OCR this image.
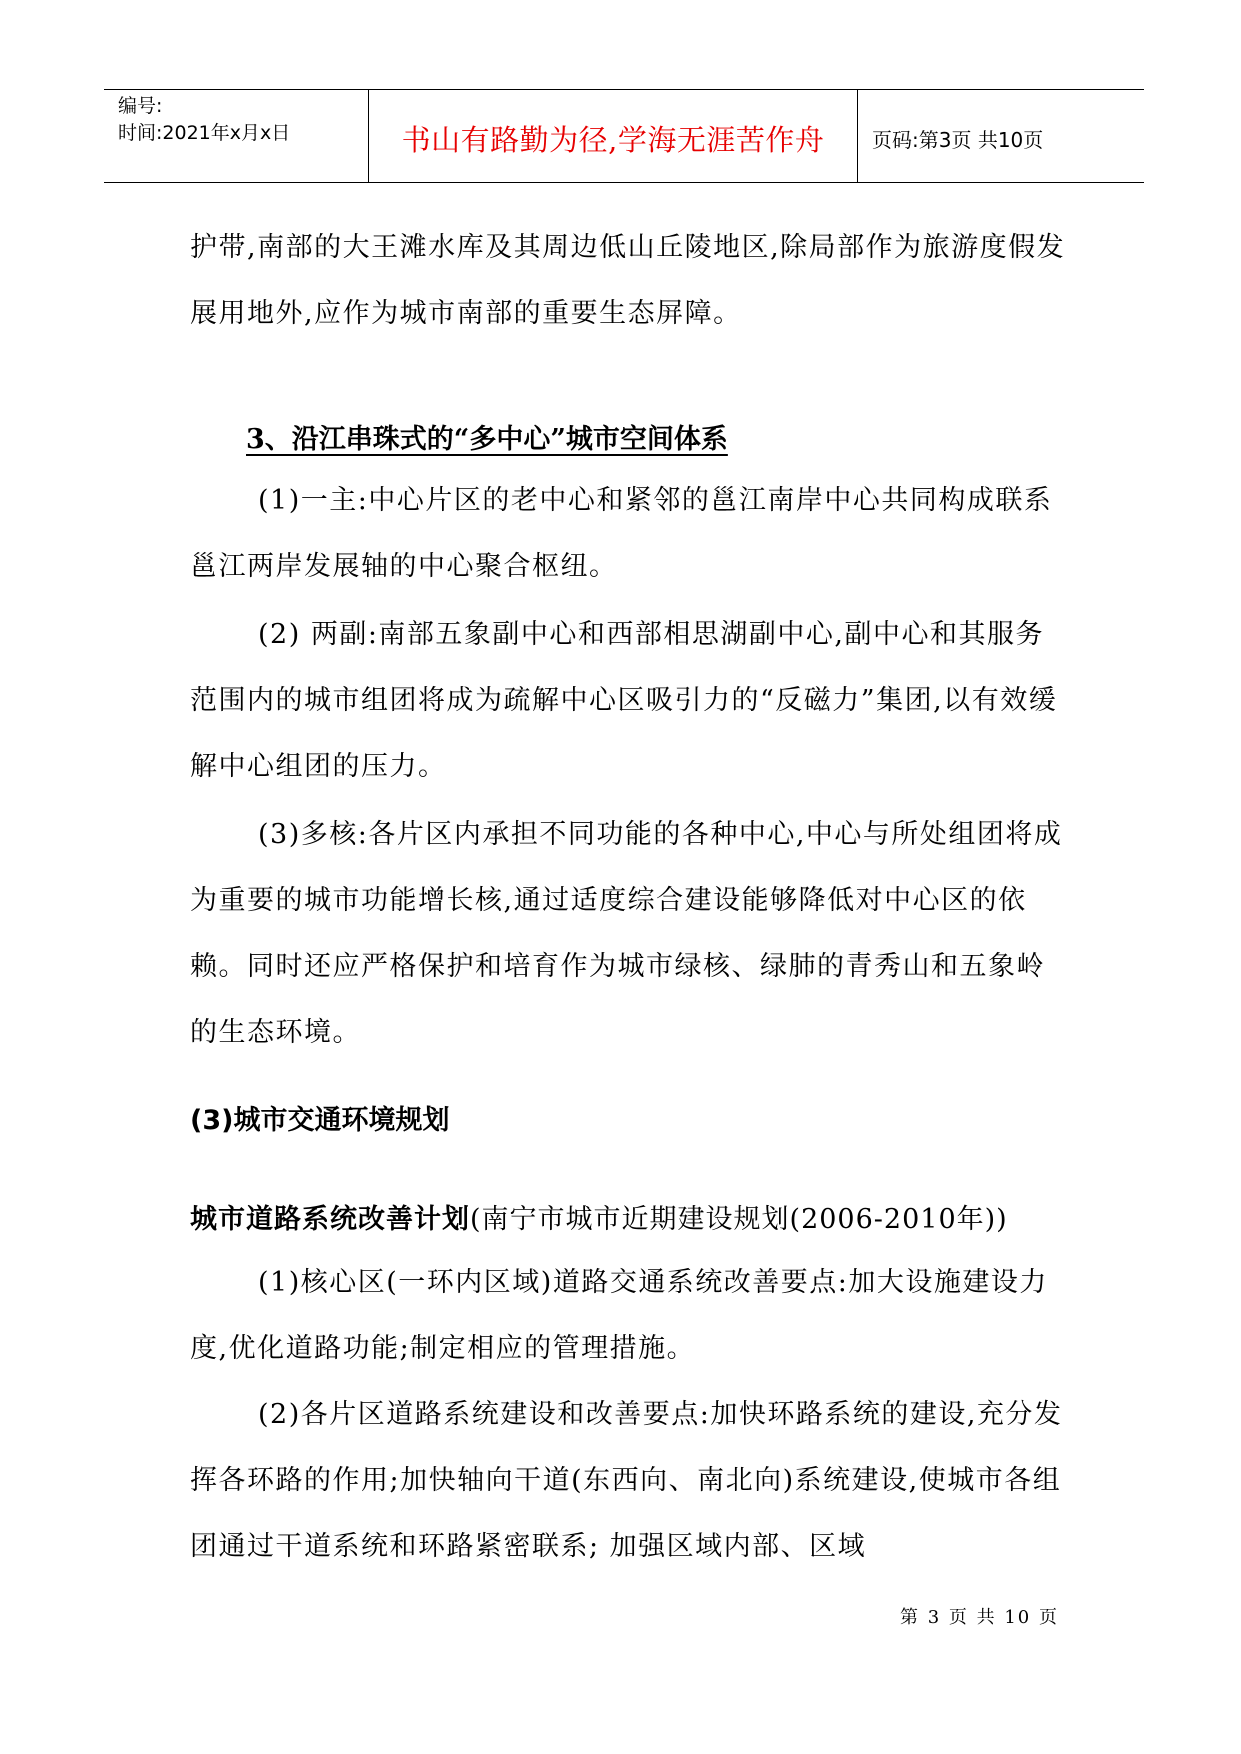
编号:
时间:2021年x月x日	书山有路勤为径,学海无涯苦作舟	页码:第3页 共10页

护带,南部的大王滩水库及其周边低山丘陵地区,除局部作为旅游度假发展用地外,应作为城市南部的重要生态屏障。

3、沿江串珠式的“多中心”城市空间体系

(1)一主:中心片区的老中心和紧邻的邕江南岸中心共同构成联系邕江两岸发展轴的中心聚合枢纽。

(2) 两副:南部五象副中心和西部相思湖副中心,副中心和其服务范围内的城市组团将成为疏解中心区吸引力的“反磁力”集团,以有效缓解中心组团的压力。

(3)多核:各片区内承担不同功能的各种中心,中心与所处组团将成为重要的城市功能增长核,通过适度综合建设能够降低对中心区的依赖。同时还应严格保护和培育作为城市绿核、绿肺的青秀山和五象岭的生态环境。

(3)城市交通环境规划
城市道路系统改善计划(南宁市城市近期建设规划(2006-2010年))

(1)核心区(一环内区域)道路交通系统改善要点:加大设施建设力度,优化道路功能;制定相应的管理措施。

(2)各片区道路系统建设和改善要点:加快环路系统的建设,充分发挥各环路的作用;加快轴向干道(东西向、南北向)系统建设,使城市各组团通过干道系统和环路紧密联系; 加强区域内部、区域

第 3 页 共 10 页
